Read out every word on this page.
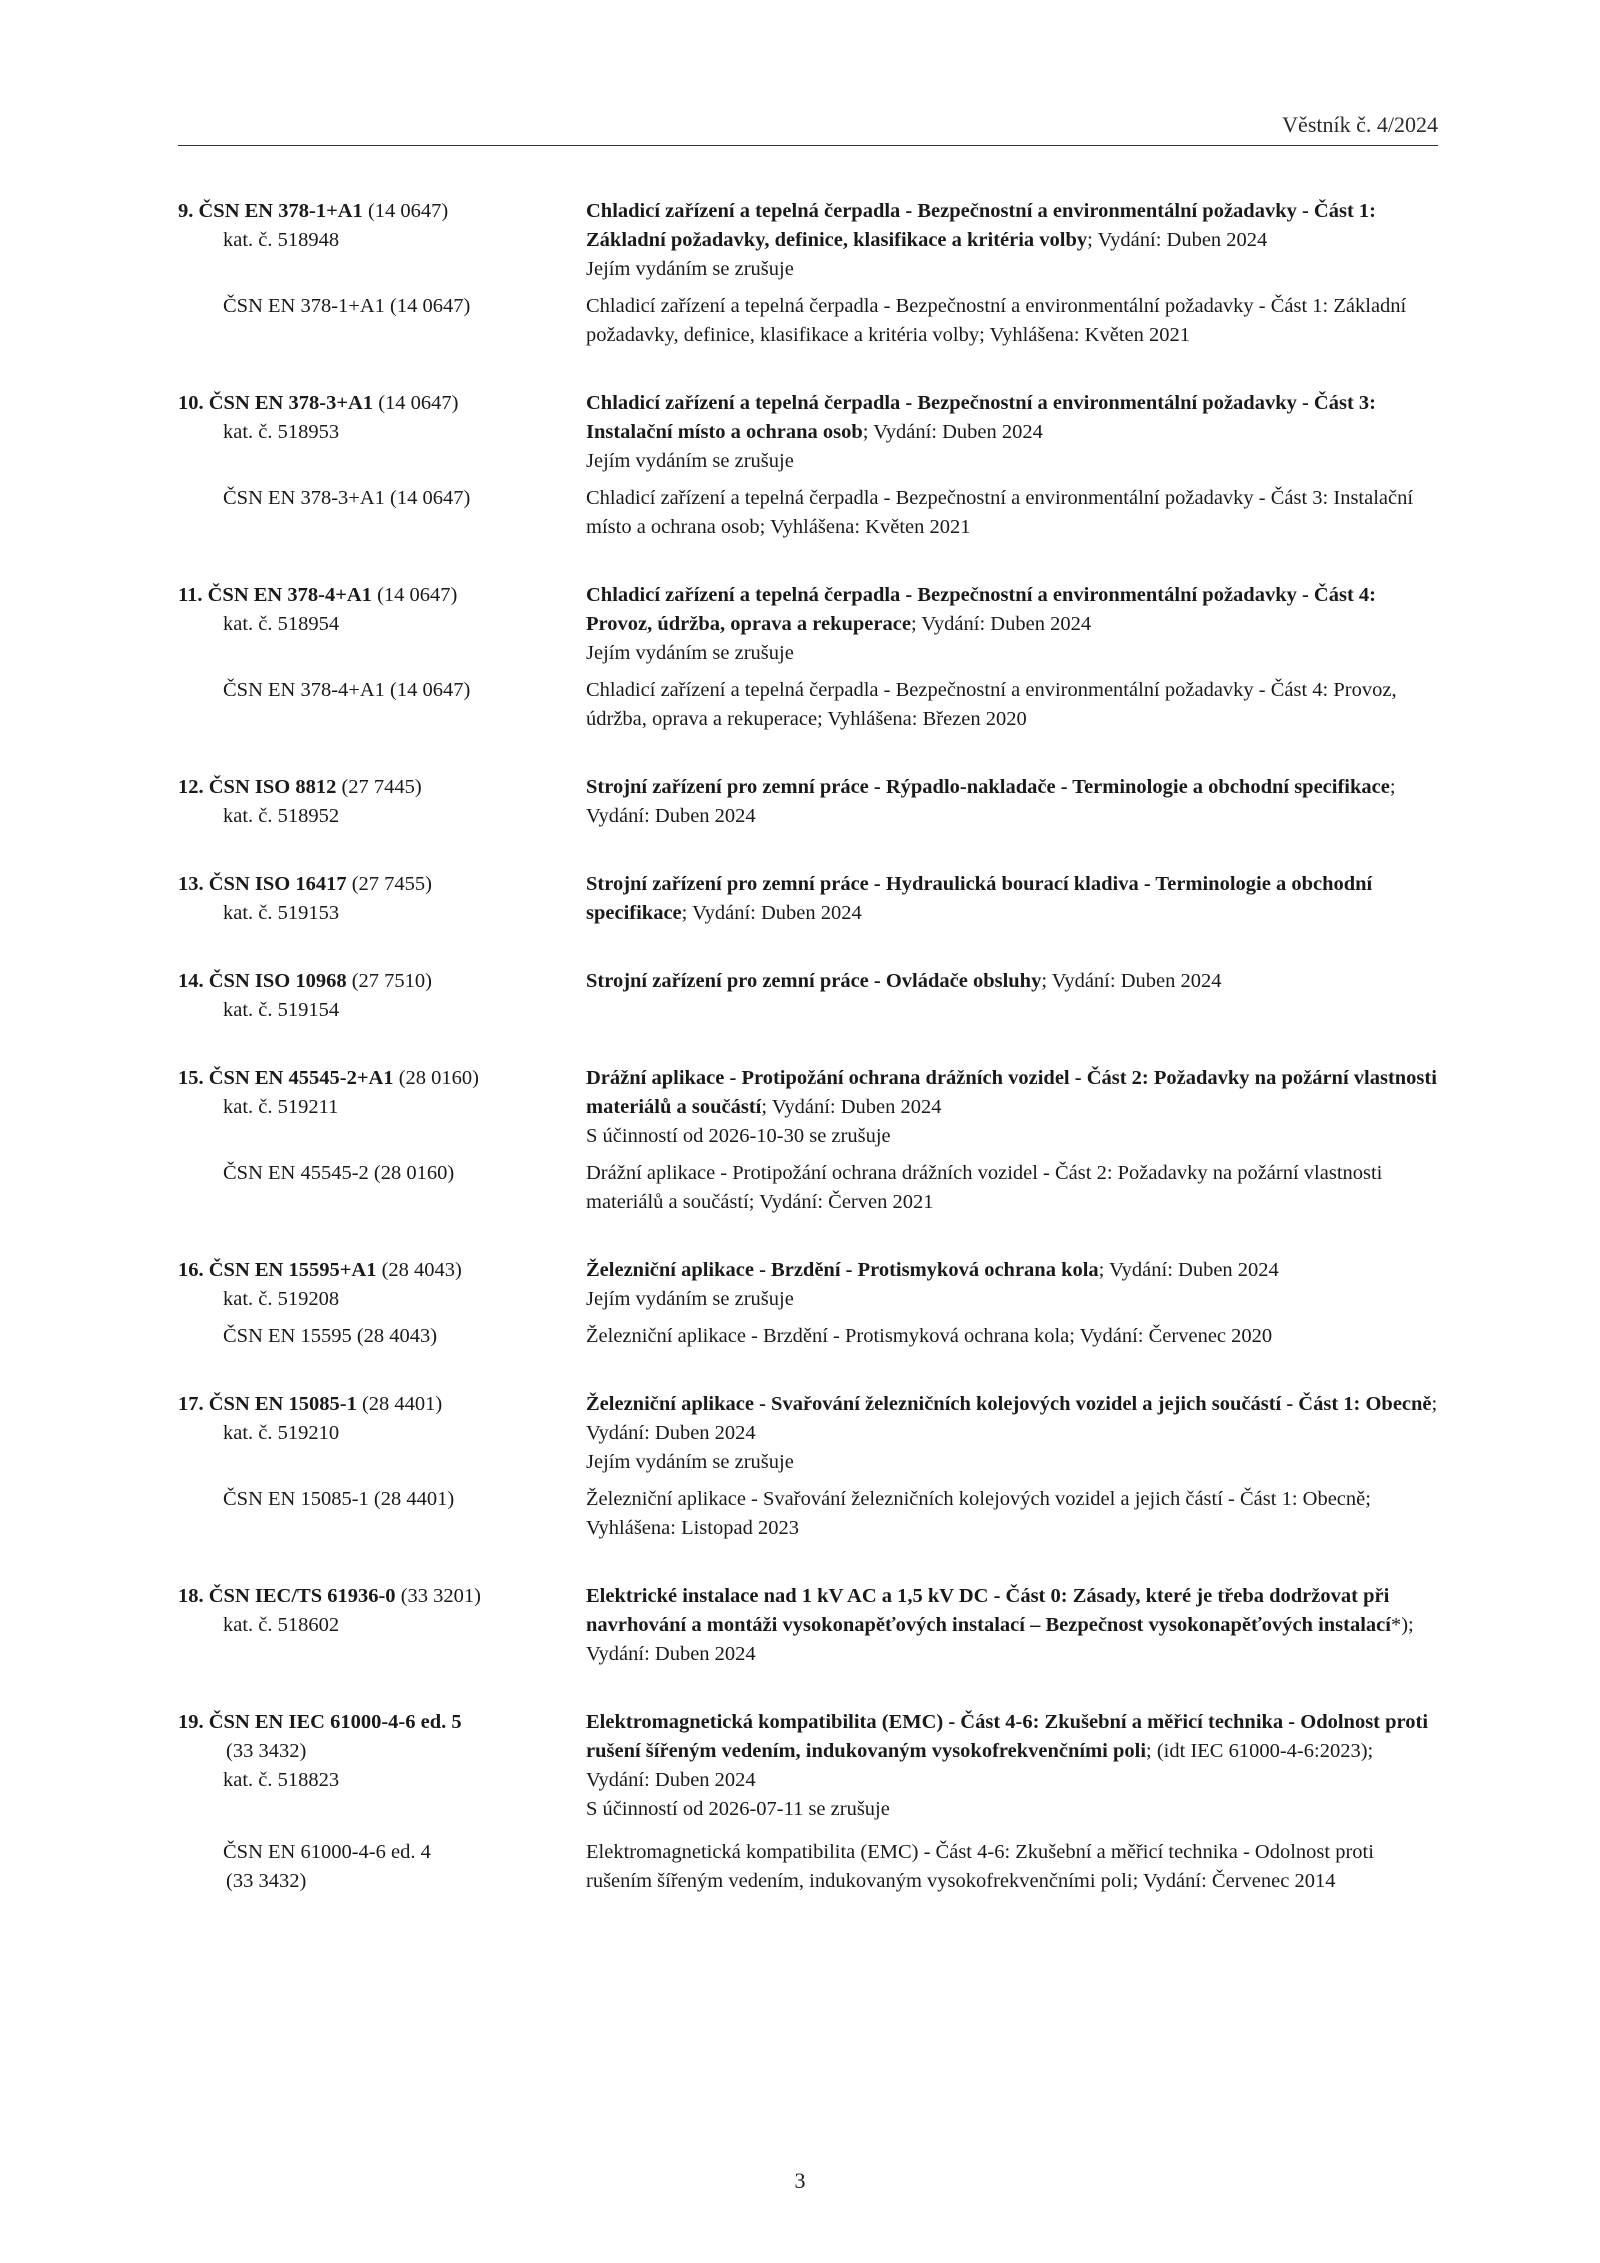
Věstník č. 4/2024
9. ČSN EN 378-1+A1 (14 0647)
kat. č. 518948
Chladicí zařízení a tepelná čerpadla - Bezpečnostní a environmentální požadavky - Část 1: Základní požadavky, definice, klasifikace a kritéria volby; Vydání: Duben 2024
Jejím vydáním se zrušuje
ČSN EN 378-1+A1 (14 0647)	Chladicí zařízení a tepelná čerpadla - Bezpečnostní a environmentální požadavky - Část 1: Základní požadavky, definice, klasifikace a kritéria volby; Vyhlášena: Květen 2021
10. ČSN EN 378-3+A1 (14 0647)
kat. č. 518953
Chladicí zařízení a tepelná čerpadla - Bezpečnostní a environmentální požadavky - Část 3: Instalační místo a ochrana osob; Vydání: Duben 2024
Jejím vydáním se zrušuje
ČSN EN 378-3+A1 (14 0647)	Chladicí zařízení a tepelná čerpadla - Bezpečnostní a environmentální požadavky - Část 3: Instalační místo a ochrana osob; Vyhlášena: Květen 2021
11. ČSN EN 378-4+A1 (14 0647)
kat. č. 518954
Chladicí zařízení a tepelná čerpadla - Bezpečnostní a environmentální požadavky - Část 4: Provoz, údržba, oprava a rekuperace; Vydání: Duben 2024
Jejím vydáním se zrušuje
ČSN EN 378-4+A1 (14 0647)	Chladicí zařízení a tepelná čerpadla - Bezpečnostní a environmentální požadavky - Část 4: Provoz, údržba, oprava a rekuperace; Vyhlášena: Březen 2020
12. ČSN ISO 8812 (27 7445)
kat. č. 518952
Strojní zařízení pro zemní práce - Rýpadlo-nakladače - Terminologie a obchodní specifikace; Vydání: Duben 2024
13. ČSN ISO 16417 (27 7455)
kat. č. 519153
Strojní zařízení pro zemní práce - Hydraulická bourací kladiva - Terminologie a obchodní specifikace; Vydání: Duben 2024
14. ČSN ISO 10968 (27 7510)
kat. č. 519154
Strojní zařízení pro zemní práce - Ovládače obsluhy; Vydání: Duben 2024
15. ČSN EN 45545-2+A1 (28 0160)
kat. č. 519211
Drážní aplikace - Protipožání ochrana drážních vozidel - Část 2: Požadavky na požární vlastnosti materiálů a součástí; Vydání: Duben 2024
S účinností od 2026-10-30 se zrušuje
ČSN EN 45545-2 (28 0160)	Drážní aplikace - Protipožání ochrana drážních vozidel - Část 2: Požadavky na požární vlastnosti materiálů a součástí; Vydání: Červen 2021
16. ČSN EN 15595+A1 (28 4043)
kat. č. 519208
Železniční aplikace - Brzdění - Protismyková ochrana kola; Vydání: Duben 2024
Jejím vydáním se zrušuje
ČSN EN 15595 (28 4043)	Železniční aplikace - Brzdění - Protismyková ochrana kola; Vydání: Červenec 2020
17. ČSN EN 15085-1 (28 4401)
kat. č. 519210
Železniční aplikace - Svařování železničních kolejových vozidel a jejich součástí - Část 1: Obecně; Vydání: Duben 2024
Jejím vydáním se zrušuje
ČSN EN 15085-1 (28 4401)	Železniční aplikace - Svařování železničních kolejových vozidel a jejich částí - Část 1: Obecně; Vyhlášena: Listopad 2023
18. ČSN IEC/TS 61936-0 (33 3201)
kat. č. 518602
Elektrické instalace nad 1 kV AC a 1,5 kV DC - Část 0: Zásady, které je třeba dodržovat při navrhování a montáži vysokonapěťových instalací – Bezpečnost vysokonapěťových instalací*); Vydání: Duben 2024
19. ČSN EN IEC 61000-4-6 ed. 5
(33 3432)
kat. č. 518823
Elektromagnetická kompatibilita (EMC) - Část 4-6: Zkušební a měřicí technika - Odolnost proti rušení šířeným vedením, indukovaným vysokofrekvenčními poli; (idt IEC 61000-4-6:2023); Vydání: Duben 2024
S účinností od 2026-07-11 se zrušuje
ČSN EN 61000-4-6 ed. 4
(33 3432)
Elektromagnetická kompatibilita (EMC) - Část 4-6: Zkušební a měřicí technika - Odolnost proti rušením šířeným vedením, indukovaným vysokofrekvenčními poli; Vydání: Červenec 2014
3
